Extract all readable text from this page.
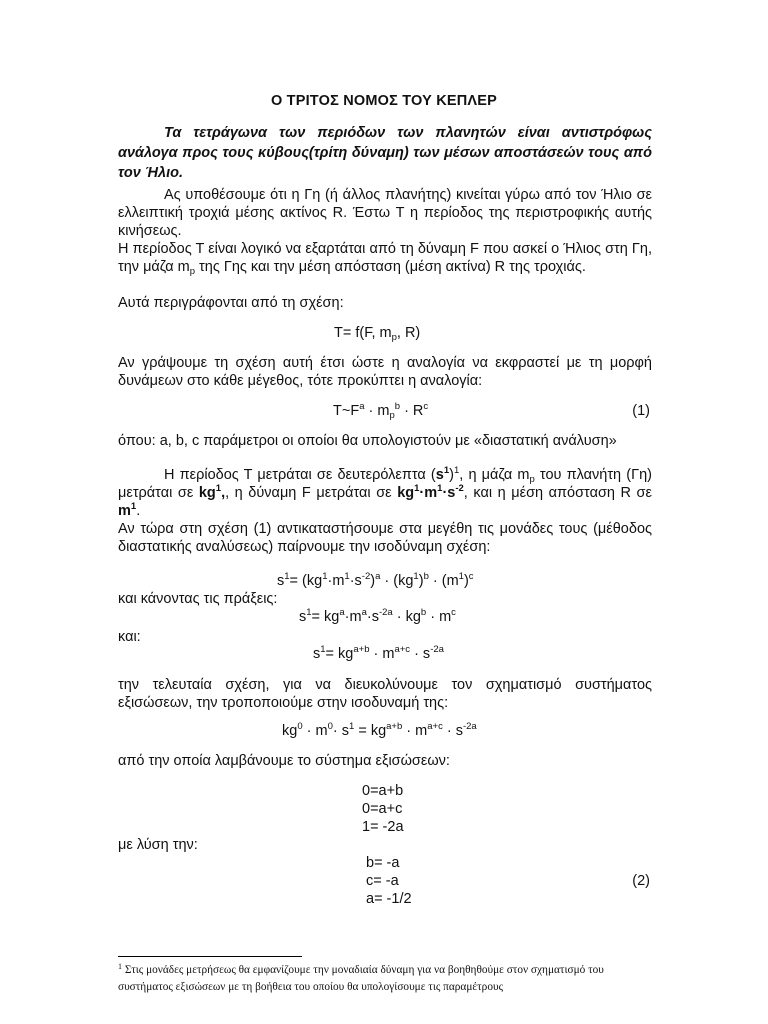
Ο ΤΡΙΤΟΣ ΝΟΜΟΣ ΤΟΥ ΚΕΠΛΕΡ

Τα τετράγωνα των περιόδων των πλανητών είναι αντιστρόφως ανάλογα προς τους κύβους(τρίτη δύναμη) των μέσων αποστάσεών τους από τον Ήλιο.

Ας υποθέσουμε ότι η Γη (ή άλλος πλανήτης) κινείται γύρω από τον Ήλιο σε ελλειπτική τροχιά μέσης ακτίνος R. Έστω Τ η περίοδος της περιστροφικής αυτής κινήσεως.

Η περίοδος Τ είναι λογικό να εξαρτάται από τη δύναμη F που ασκεί ο Ήλιος στη Γη, την μάζα $m_p$ της Γης και την μέση απόσταση (μέση ακτίνα) R της τροχιάς.

Αυτά περιγράφονται από τη σχέση:
T= f(F, $m_p$, R)

Αν γράψουμε τη σχέση αυτή έτσι ώστε η αναλογία να εκφραστεί με τη μορφή δυνάμεων στο κάθε μέγεθος, τότε προκύπτει η αναλογία:

$T\sim F^a \cdot m_p^b \cdot R^c$	(1)
όπου: a, b, c παράμετροι οι οποίοι θα υπολογιστούν με «διαστατική ανάλυση»

Η περίοδος Τ μετράται σε δευτερόλεπτα $(s^1)^1$, η μάζα $m_p$ του πλανήτη (Γη) μετράται σε $kg^1$,, η δύναμη F μετράται σε $kg^1\cdot m^1\cdot s^{-2}$, και η μέση απόσταση R σε $m^1$.

Αν τώρα στη σχέση (1) αντικαταστήσουμε στα μεγέθη τις μονάδες τους (μέθοδος διαστατικής αναλύσεως) παίρνουμε την ισοδύναμη σχέση:

$s^1= (kg^1\cdot m^1\cdot s^{-2})^a \cdot (kg^1)^b \cdot (m^1)^c$
και κάνοντας τις πράξεις:
$s^1= kg^a\cdot m^a\cdot s^{-2a} \cdot kg^b \cdot m^c$
και:
$s^1= kg^{a+b} \cdot m^{a+c} \cdot s^{-2a}$

την τελευταία σχέση, για να διευκολύνουμε τον σχηματισμό συστήματος εξισώσεων, την τροποποιούμε στην ισοδυναμή της:

$kg^0 \cdot m^0\cdot s^1 = kg^{a+b} \cdot m^{a+c} \cdot s^{-2a}$
από την οποία λαμβάνουμε το σύστημα εξισώσεων:
0=a+b
0=a+c
1= -2a
με λύση την:
b= -a
c= -a
a= -1/2
(2)
$^1$ Στις μονάδες μετρήσεως θα εμφανίζουμε την μοναδιαία δύναμη για να βοηθηθούμε στον σχηματισμό του συστήματος εξισώσεων με τη βοήθεια του οποίου θα υπολογίσουμε τις παραμέτρους
